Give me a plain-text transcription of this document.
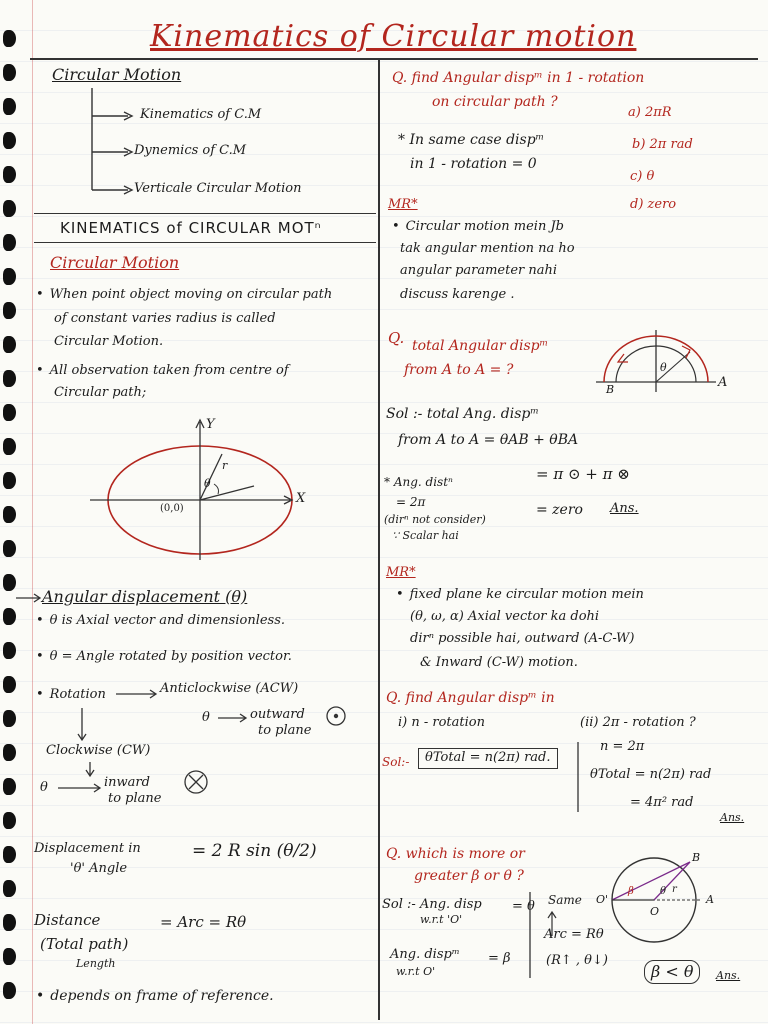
Kinematics of Circular motion
Circular Motion
Kinematics of C.M
Dynemics of C.M
Verticale Circular Motion
KINEMATICS of CIRCULAR MOTⁿ
Circular Motion
• When point object moving on circular path
of constant varies radius is called
Circular Motion.
• All observation taken from centre of
Circular path;
(0,0)
Y
X
r
θ
Angular displacement (θ)
• θ is Axial vector and dimensionless.
• θ = Angle rotated by position vector.
• Rotation	Anticlockwise (ACW)
θ	outward
to plane
Clockwise (CW)
θ	inward
to plane
Displacement in
'θ' Angle
= 2 R sin (θ/2)
Distance
(Total path)
Length
= Arc = Rθ
• depends on frame of reference.
Q. find Angular dispᵐ in 1 - rotation
on circular path ?
a) 2πR
b) 2π rad
c) θ
d) zero
* In same case dispᵐ
in 1 - rotation = 0
MR*
• Circular motion mein Jb
tak angular mention na ho
angular parameter nahi
discuss karenge .
Q. total Angular dispᵐ
from A to A = ?
A
B
θ
Sol :- total Ang. dispᵐ
from A to A = θAB + θBA
= π ⊙ + π ⊗
= zero Ans.
* Ang. distⁿ
= 2π
(dirⁿ not consider)
∵ Scalar hai
MR*
• fixed plane ke circular motion mein
(θ, ω, α) Axial vector ka dohi
dirⁿ possible hai, outward (A-C-W)
& Inward (C-W) motion.
Q. find Angular dispᵐ in
i) n - rotation	(ii) 2π - rotation ?
Sol:-	θTotal = n(2π) rad.
n = 2π
θTotal = n(2π) rad
= 4π² rad
Ans.
Q. which is more or
greater β or θ ?
B
A
O
O'
r
β	θ
Sol :- Ang. disp
w.r.t 'O'
= θ
Ang. dispᵐ
w.r.t O'
= β
Same
Arc = Rθ
(R↑ , θ↓)
β < θ	Ans.
